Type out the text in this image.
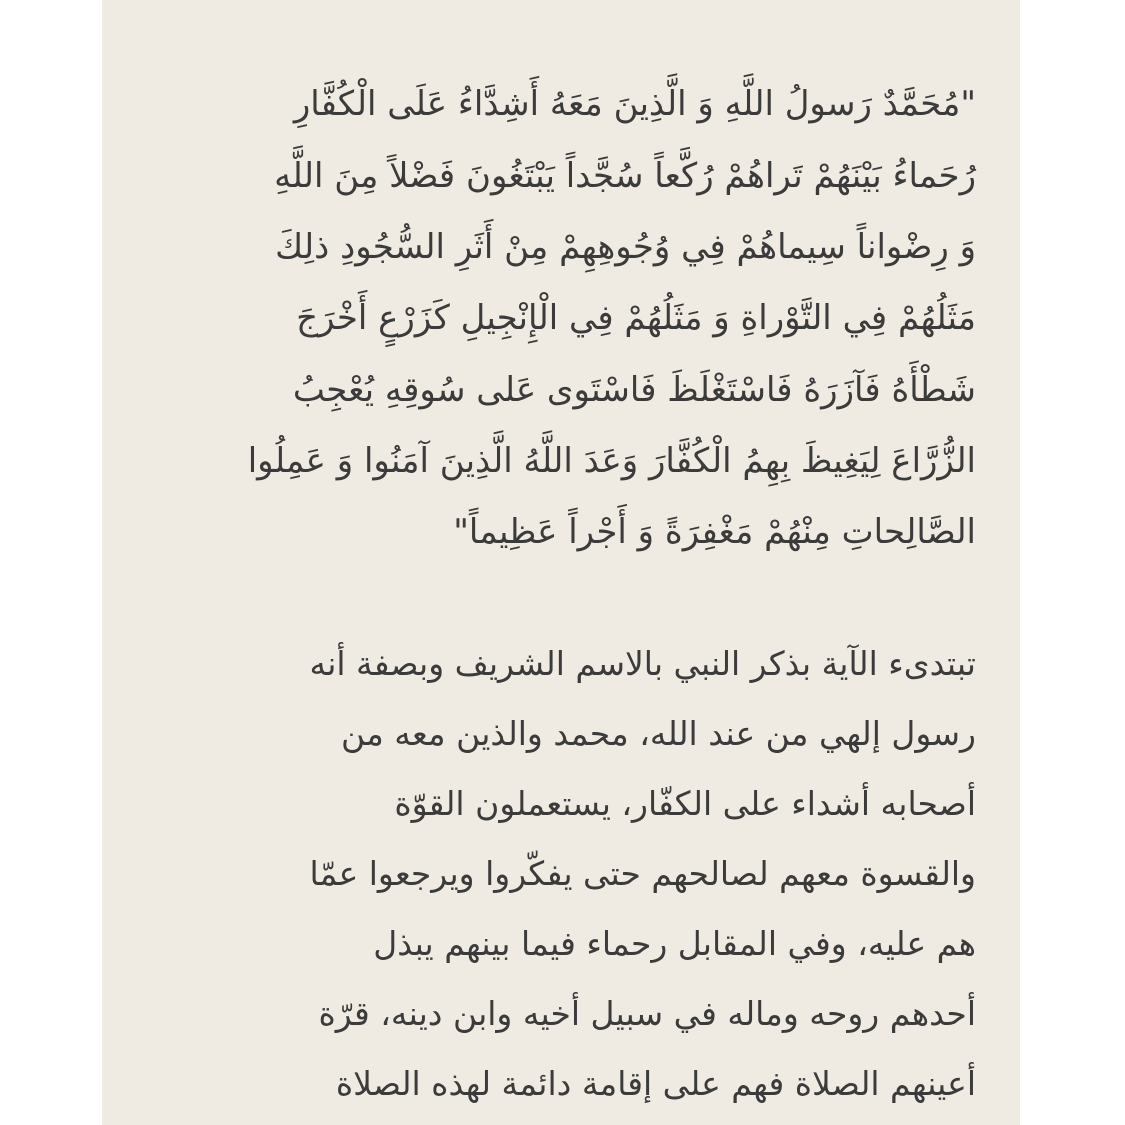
"مُحَمَّدٌ رَسولُ اللَّهِ وَ الَّذِينَ مَعَهُ أَشِدَّاءُ عَلَى الْكُفَّارِ
رُحَماءُ بَيْنَهُمْ تَراهُمْ رُكَّعاً سُجَّداً يَبْتَغُونَ فَضْلاً مِنَ اللَّهِ
وَ رِضْواناً سِيماهُمْ فِي وُجُوهِهِمْ مِنْ أَثَرِ السُّجُودِ ذلِكَ
مَثَلُهُمْ فِي التَّوْراةِ وَ مَثَلُهُمْ فِي الْإِنْجِيلِ كَزَرْعٍ أَخْرَجَ
شَطْأَهُ فَآزَرَهُ فَاسْتَغْلَظَ فَاسْتَوى عَلى سُوقِهِ يُعْجِبُ
الزُّرَّاعَ لِيَغِيظَ بِهِمُ الْكُفَّارَ وَعَدَ اللَّهُ الَّذِينَ آمَنُوا وَ عَمِلُوا
الصَّالِحاتِ مِنْهُمْ مَغْفِرَةً وَ أَجْراً عَظِيماً"
تبتدىء الآية بذكر النبي بالاسم الشريف وبصفة أنه
رسول إلهي من عند الله، محمد والذين معه من
أصحابه أشداء على الكفّار، يستعملون القوّة
والقسوة معهم لصالحهم حتى يفكّروا ويرجعوا عمّا
هم عليه، وفي المقابل رحماء فيما بينهم يبذل
أحدهم روحه وماله في سبيل أخيه وابن دينه، قرّة
أعينهم الصلاة فهم على إقامة دائمة لهذه الصلاة
